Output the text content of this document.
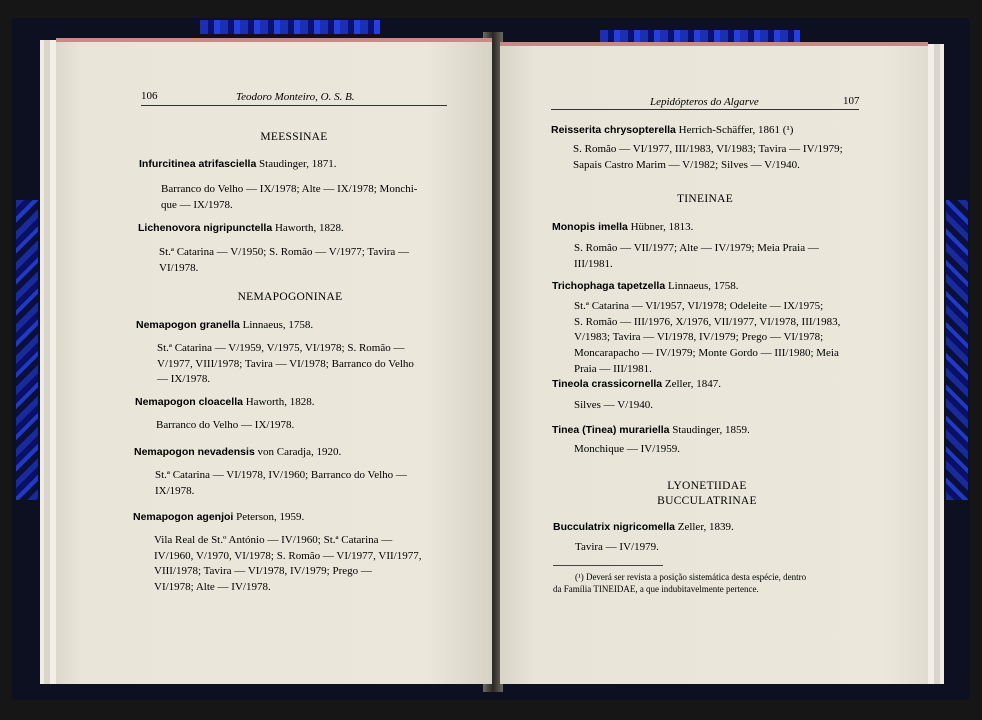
106	Teodoro Monteiro, O. S. B.
MEESSINAE
Infurcitinea atrifasciella Staudinger, 1871.
Barranco do Velho — IX/1978; Alte — IX/1978; Monchi-
que — IX/1978.
Lichenovora nigripunctella Haworth, 1828.
St.ª Catarina — V/1950; S. Romão — V/1977; Tavira —
VI/1978.
NEMAPOGONINAE
Nemapogon granella Linnaeus, 1758.
St.ª Catarina — V/1959, V/1975, VI/1978; S. Romão —
V/1977, VIII/1978; Tavira — VI/1978; Barranco do Velho
— IX/1978.
Nemapogon cloacella Haworth, 1828.
Barranco do Velho — IX/1978.
Nemapogon nevadensis von Caradja, 1920.
St.ª Catarina — VI/1978, IV/1960; Barranco do Velho —
IX/1978.
Nemapogon agenjoi Peterson, 1959.
Vila Real de St.º António — IV/1960; St.ª Catarina —
IV/1960, V/1970, VI/1978; S. Romão — VI/1977, VII/1977,
VIII/1978; Tavira — VI/1978, IV/1979; Prego —
VI/1978; Alte — IV/1978.
Lepidópteros do Algarve	107
Reisserita chrysopterella Herrich-Schäffer, 1861 (¹)
S. Romão — VI/1977, III/1983, VI/1983; Tavira — IV/1979;
Sapais Castro Marim — V/1982; Silves — V/1940.
TINEINAE
Monopis imella Hübner, 1813.
S. Romão — VII/1977; Alte — IV/1979; Meia Praia —
III/1981.
Trichophaga tapetzella Linnaeus, 1758.
St.ª Catarina — VI/1957, VI/1978; Odeleite — IX/1975;
S. Romão — III/1976, X/1976, VII/1977, VI/1978, III/1983,
V/1983; Tavira — VI/1978, IV/1979; Prego — VI/1978;
Moncarapacho — IV/1979; Monte Gordo — III/1980; Meia
Praia — III/1981.
Tineola crassicornella Zeller, 1847.
Silves — V/1940.
Tinea (Tinea) murariella Staudinger, 1859.
Monchique — IV/1959.
LYONETIIDAE
BUCCULATRINAE
Bucculatrix nigricomella Zeller, 1839.
Tavira — IV/1979.
(¹) Deverá ser revista a posição sistemática desta espécie, dentro
da Família TINEIDAE, a que indubitavelmente pertence.
